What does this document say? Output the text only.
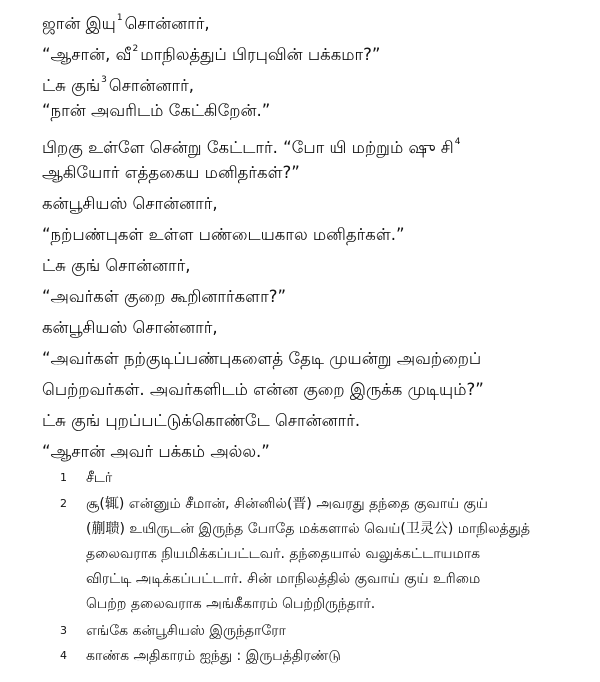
ஜான் இயு$^1$ சொன்னார்,
“ஆசான், வீ$^2$ மாநிலத்துப் பிரபுவின் பக்கமா?”
ட்சு குங்$^3$ சொன்னார்,
“நான் அவரிடம் கேட்கிறேன்.”
பிறகு உள்ளே சென்று கேட்டார். “போ யி மற்றும் ஷு சி$^4$
ஆகியோர் எத்தகைய மனிதர்கள்?”
கன்பூசியஸ் சொன்னார்,
“நற்பண்புகள் உள்ள பண்டையகால மனிதர்கள்.”
ட்சு குங் சொன்னார்,
“அவர்கள் குறை கூறினார்களா?”
கன்பூசியஸ் சொன்னார்,
“அவர்கள் நற்குடிப்பண்புகளைத் தேடி முயன்று அவற்றைப்
பெற்றவர்கள். அவர்களிடம் என்ன குறை இருக்க முடியும்?”
ட்சு குங் புறப்பட்டுக்கொண்டே சொன்னார்.
“ஆசான் அவர் பக்கம் அல்ல.”
1 சீடர்
2 சூ(辄) என்னும் சீமான், சின்னில்(晋) அவரது தந்தை குவாய் குய்
(蒯聩) உயிருடன் இருந்த போதே மக்களால் வெய்(卫灵公) மாநிலத்துத்
தலைவராக நியமிக்கப்பட்டவர். தந்தையால் வலுக்கட்டாயமாக
விரட்டி அடிக்கப்பட்டார். சின் மாநிலத்தில் குவாய் குய் உரிமை
பெற்ற தலைவராக அங்கீகாரம் பெற்றிருந்தார்.
3 எங்கே கன்பூசியஸ் இருந்தாரோ
4 காண்க அதிகாரம் ஐந்து : இருபத்திரண்டு
